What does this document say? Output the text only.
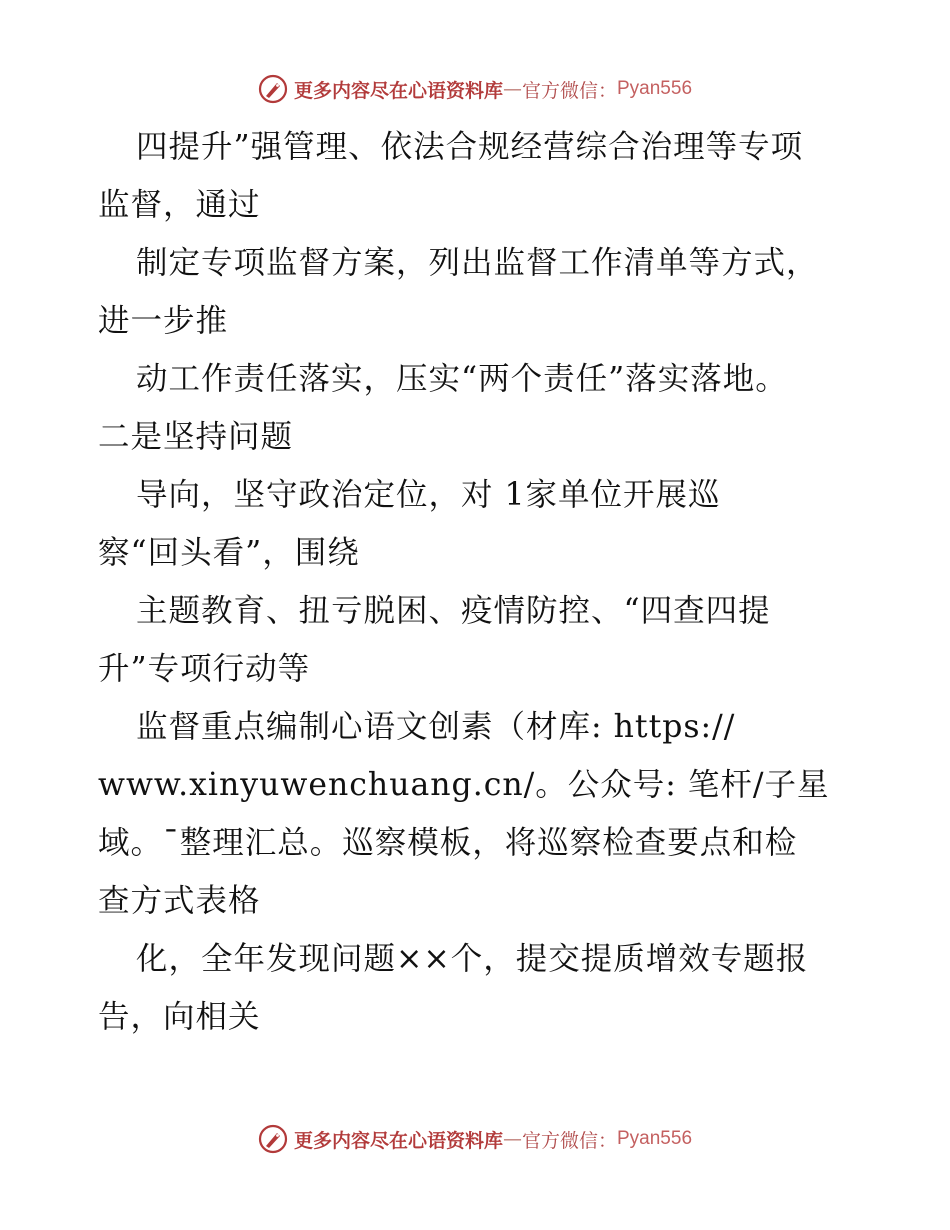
更多内容尽在心语资料库 — 官方微信： Pyan556
四提升”强管理、依法合规经营综合治理等专项
监督，通过
制定专项监督方案，列出监督工作清单等方式，
进一步推
动工作责任落实，压实“两个责任”落实落地。
二是坚持问题
导向，坚守政治定位，对 1家单位开展巡
察“回头看”，围绕
主题教育、扭亏脱困、疫情防控、“四查四提
升”专项行动等
监督重点编制心语文创素（材库: https://
www.xinyuwenchuang.cn/。公众号: 笔杆/子星
域。¯整理汇总。巡察模板，将巡察检查要点和检
查方式表格
化，全年发现问题××个，提交提质增效专题报
告，向相关
更多内容尽在心语资料库 — 官方微信： Pyan556
